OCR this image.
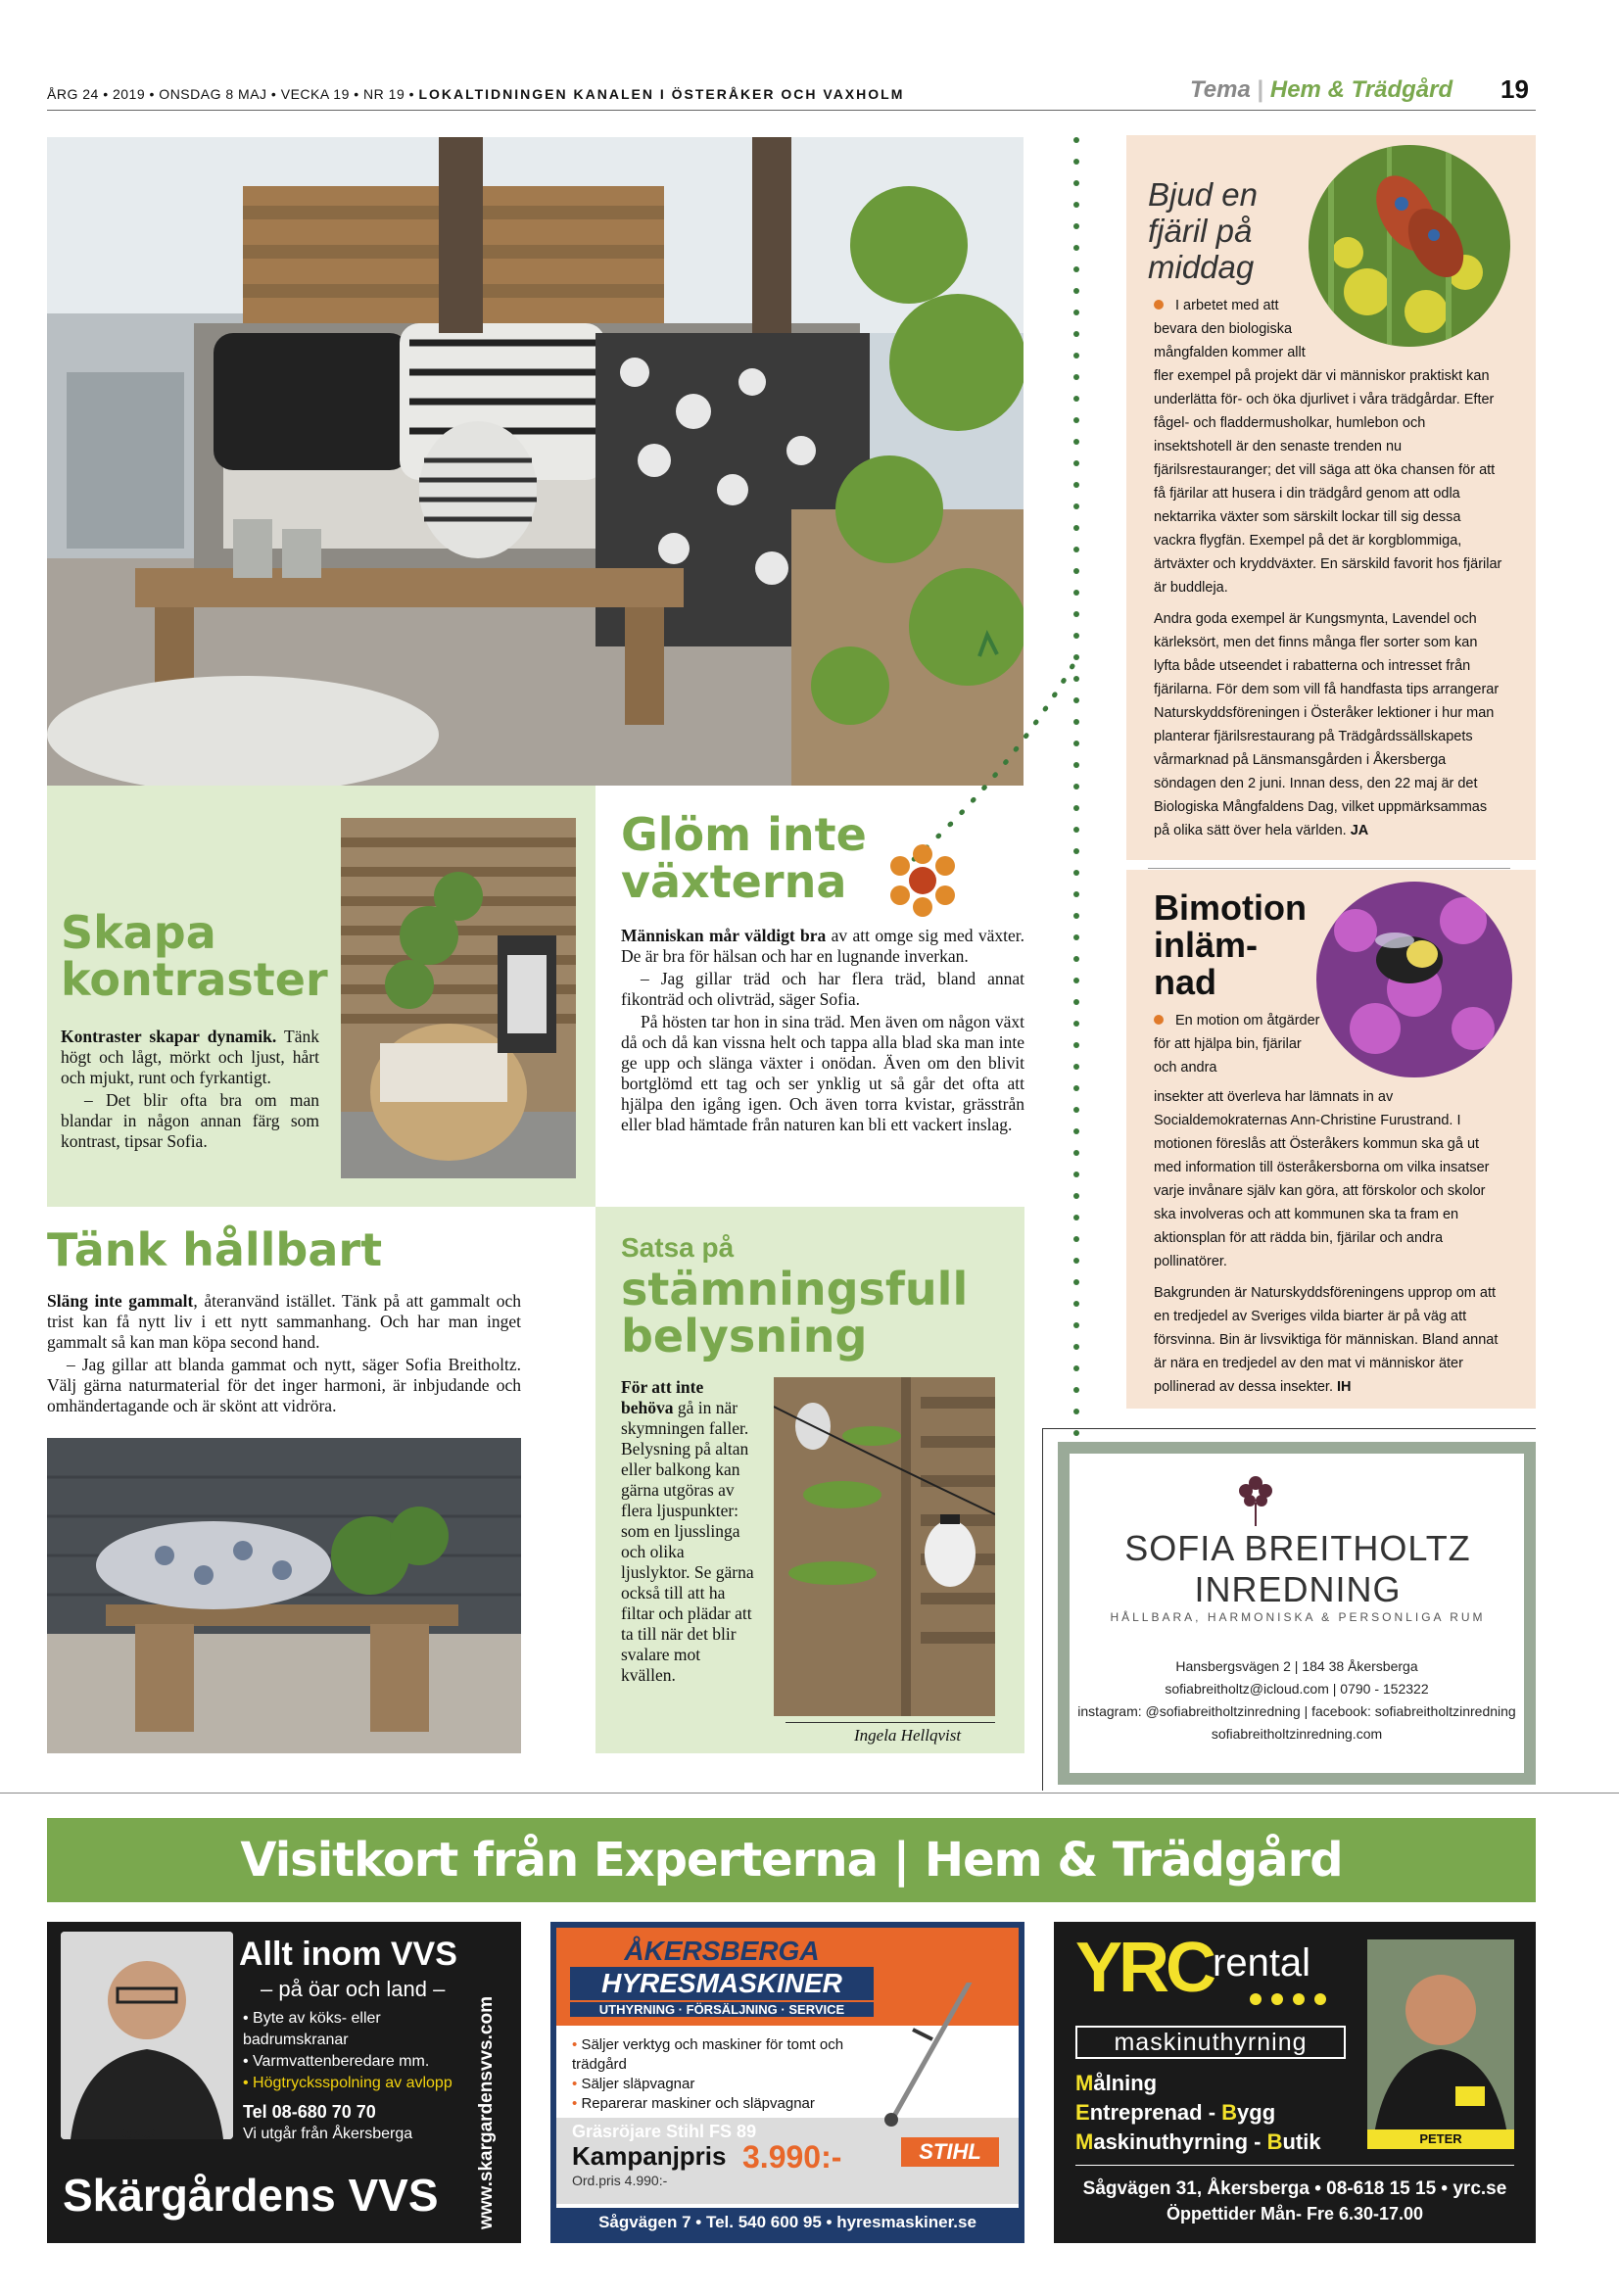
ÅRG 24 • 2019 • ONSDAG 8 MAJ • VECKA 19 • NR 19 • LOKALTIDNINGEN KANALEN I ÖSTERÅKER OCH VAXHOLM	Tema | Hem & Trädgård 19
Skapa
kontraster

Kontraster skapar dynamik. Tänk högt och lågt, mörkt och ljust, hårt och mjukt, runt och fyrkantigt.

– Det blir ofta bra om man blandar in någon annan färg som kontrast, tipsar Sofia.

Glöm inte
växterna

Människan mår väldigt bra av att omge sig med växter. De är bra för hälsan och har en lugnande inverkan.

– Jag gillar träd och har flera träd, bland annat fikonträd och olivträd, säger Sofia.

På hösten tar hon in sina träd. Men även om någon växt då och då kan vissna helt och tappa alla blad ska man inte ge upp och slänga växter i onödan. Även om den blivit bortglömd ett tag och ser ynklig ut så går det ofta att hjälpa den igång igen. Och även torra kvistar, grässtrån eller blad hämtade från naturen kan bli ett vackert inslag.

Tänk hållbart

Släng inte gammalt, återanvänd istället. Tänk på att gammalt och trist kan få nytt liv i ett nytt sammanhang. Och har man inget gammalt så kan man köpa second hand.

– Jag gillar att blanda gammat och nytt, säger Sofia Breitholtz. Välj gärna naturmaterial för det inger harmoni, är inbjudande och omhändertagande och är skönt att vidröra.

Satsa på
stämningsfull
belysning

För att inte behöva gå in när skymningen faller. Belysning på altan eller balkong kan gärna utgöras av flera ljuspunkter: som en ljusslinga och olika ljuslyktor. Se gärna också till att ha filtar och plädar att ta till när det blir svalare mot kvällen.

Ingela Hellqvist
Bjud en fjäril på middag
I arbetet med att bevara den biologiska mångfalden kommer allt

fler exempel på projekt där vi människor praktiskt kan underlätta för- och öka djurlivet i våra trädgårdar. Efter fågel- och fladdermusholkar, humlebon och insektshotell är den senaste trenden nu fjärilsrestauranger; det vill säga att öka chansen för att få fjärilar att husera i din trädgård genom att odla nektarrika växter som särskilt lockar till sig dessa vackra flygfän. Exempel på det är korgblommiga, ärtväxter och kryddväxter. En särskild favorit hos fjärilar är buddleja.

Andra goda exempel är Kungsmynta, Lavendel och kärleksört, men det finns många fler sorter som kan lyfta både utseendet i rabatterna och intresset från fjärilarna. För dem som vill få handfasta tips arrangerar Naturskyddsföreningen i Österåker lektioner i hur man planterar fjärilsrestaurang på Trädgårdssällskapets vårmarknad på Länsmansgården i Åkersberga söndagen den 2 juni. Innan dess, den 22 maj är det Biologiska Mångfaldens Dag, vilket uppmärksammas på olika sätt över hela världen. JA

Bimotion
inläm-
nad
En motion om åtgärder för att hjälpa bin, fjärilar och andra

insekter att överleva har lämnats in av Socialdemokraternas Ann-Christine Furustrand. I motionen föreslås att Österåkers kommun ska gå ut med information till österåkersborna om vilka insatser varje invånare själv kan göra, att förskolor och skolor ska involveras och att kommunen ska ta fram en aktionsplan för att rädda bin, fjärilar och andra pollinatörer.

Bakgrunden är Naturskyddsföreningens upprop om att en tredjedel av Sveriges vilda biarter är på väg att försvinna. Bin är livsviktiga för människan. Bland annat är nära en tredjedel av den mat vi människor äter pollinerad av dessa insekter. IH

SOFIA BREITHOLTZ INREDNING
HÅLLBARA, HARMONISKA & PERSONLIGA RUM
Hansbergsvägen 2 | 184 38 Åkersberga
sofiabreitholtz@icloud.com | 0790 - 152322
instagram: @sofiabreitholtzinredning | facebook: sofiabreitholtzinredning
sofiabreitholtzinredning.com
Visitkort från Experterna | Hem & Trädgård
Daniel
Allt inom VVS
– på öar och land –
• Byte av köks- eller badrumskranar
• Varmvattenberedare mm.
• Högtrycksspolning av avlopp
Tel 08-680 70 70
Vi utgår från Åkersberga
Skärgårdens VVS www.skargardensvvs.com
ÅKERSBERGA
HYRESMASKINER
UTHYRNING · FÖRSÄLJNING · SERVICE
• Säljer verktyg och maskiner för tomt och trädgård
• Säljer släpvagnar
• Reparerar maskiner och släpvagnar
Gräsröjare Stihl FS 89
Kampanjpris 3.990:-
Ord.pris 4.990:-
STIHL
Sågvägen 7 • Tel. 540 600 95 • hyresmaskiner.se
YRC rental
maskinuthyrning
Målning
Entreprenad - Bygg
Maskinuthyrning - Butik	PETER
Sågvägen 31, Åkersberga • 08-618 15 15 • yrc.se
Öppettider Mån- Fre 6.30-17.00
